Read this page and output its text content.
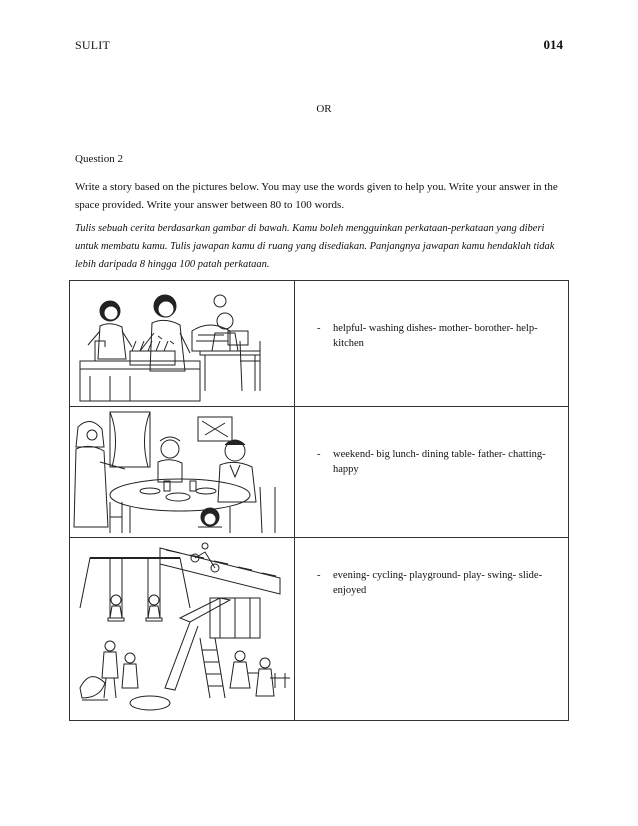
SULIT	014
OR
Question 2
Write a story based on the pictures below. You may use the words given to help you. Write your answer in the space provided. Write your answer between 80 to 100 words.
Tulis sebuah cerita berdasarkan gambar di bawah. Kamu boleh mengguinkan perkataan-perkataan yang diberi untuk membatu kamu. Tulis jawapan kamu di ruang yang disediakan. Panjangnya jawapan kamu hendaklah tidak lebih daripada 8 hingga 100 patah perkataan.

- helpful- washing dishes- mother- borother- help- kitchen

- weekend- big lunch- dining table- father- chatting- happy

- evening- cycling- playground- play- swing- slide- enjoyed
